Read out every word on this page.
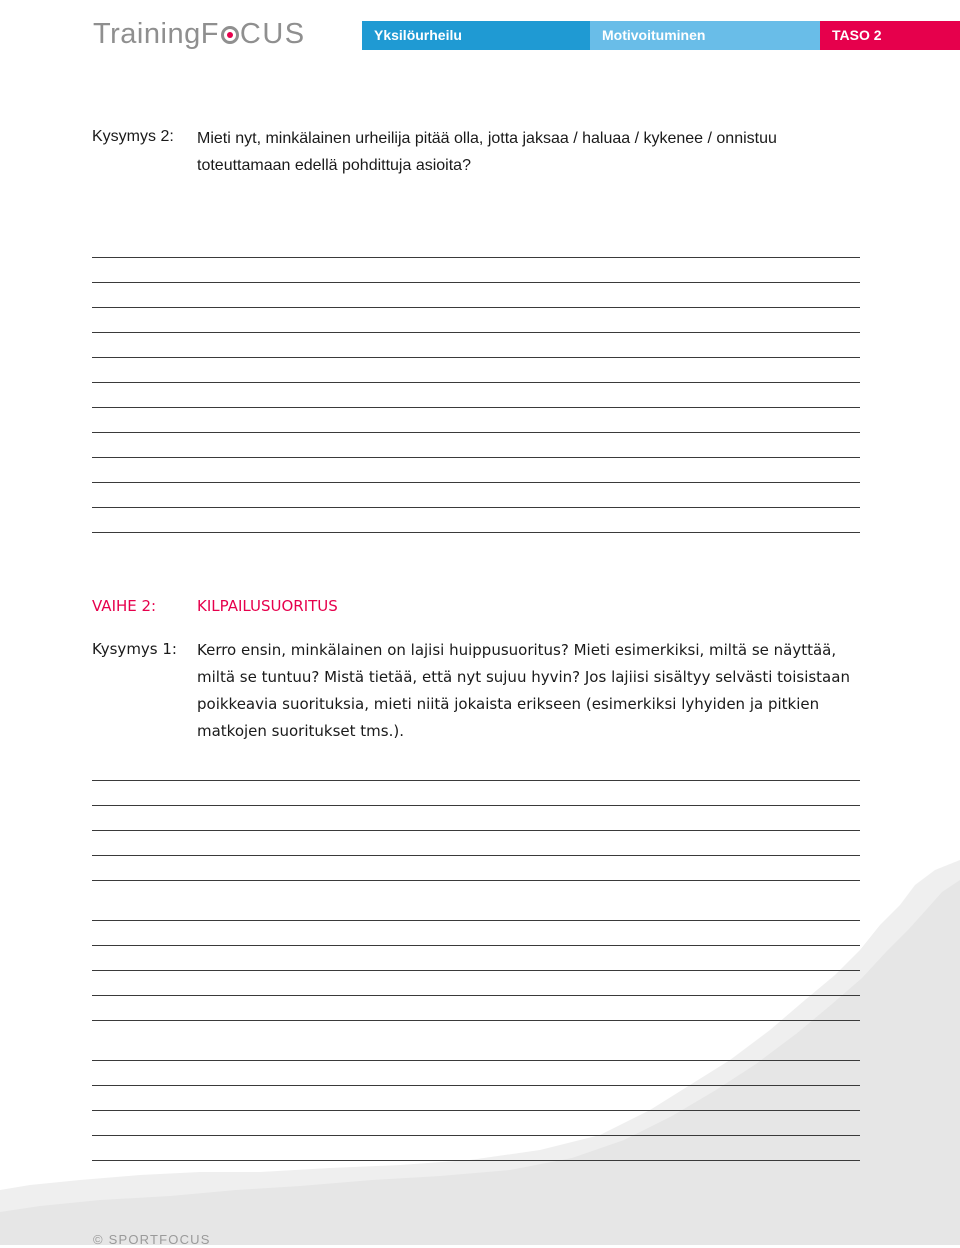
TrainingF CUS	Yksilöurheilu	Motivoituminen	TASO 2
Kysymys 2: Mieti nyt, minkälainen urheilija pitää olla, jotta jaksaa / haluaa / kykenee / onnistuu toteuttamaan edellä pohdittuja asioita?
VAIHE 2:	KILPAILUSUORITUS
Kysymys 1: Kerro ensin, minkälainen on lajisi huippusuoritus? Mieti esimerkiksi, miltä se näyttää, miltä se tuntuu? Mistä tietää, että nyt sujuu hyvin? Jos lajiisi sisältyy selvästi toisistaan poikkeavia suorituksia, mieti niitä jokaista erikseen (esimerkiksi lyhyiden ja pitkien matkojen suoritukset tms.).
© SPORTFOCUS
